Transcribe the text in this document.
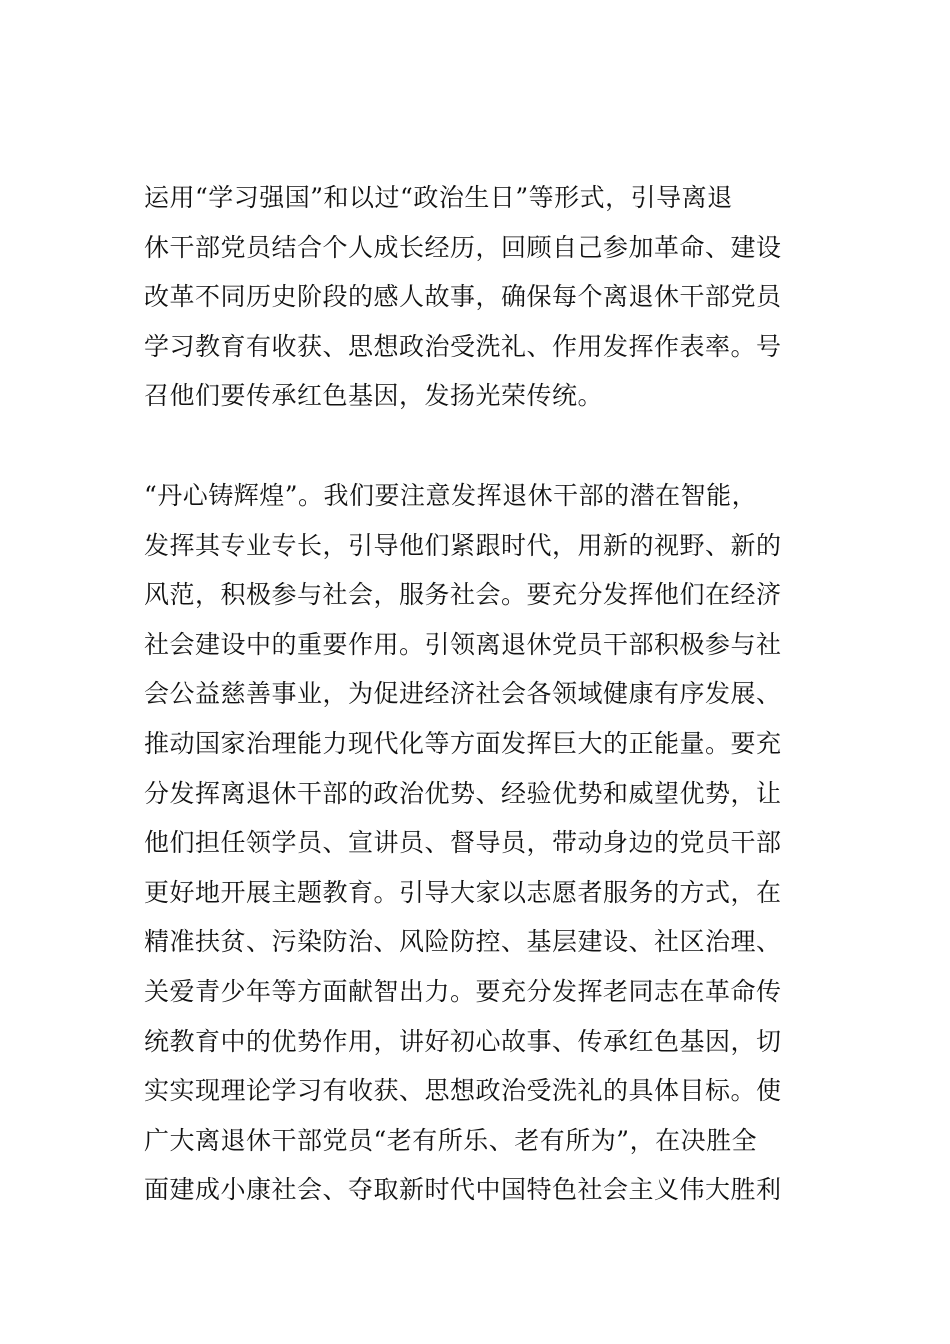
运用“学习强国”和以过“政治生日”等形式，引导离退
休干部党员结合个人成长经历，回顾自己参加革命、建设
改革不同历史阶段的感人故事，确保每个离退休干部党员
学习教育有收获、思想政治受洗礼、作用发挥作表率。号
召他们要传承红色基因，发扬光荣传统。

“丹心铸辉煌”。我们要注意发挥退休干部的潜在智能，
发挥其专业专长，引导他们紧跟时代，用新的视野、新的
风范，积极参与社会，服务社会。要充分发挥他们在经济
社会建设中的重要作用。引领离退休党员干部积极参与社
会公益慈善事业，为促进经济社会各领域健康有序发展、
推动国家治理能力现代化等方面发挥巨大的正能量。要充
分发挥离退休干部的政治优势、经验优势和威望优势，让
他们担任领学员、宣讲员、督导员，带动身边的党员干部
更好地开展主题教育。引导大家以志愿者服务的方式，在
精准扶贫、污染防治、风险防控、基层建设、社区治理、
关爱青少年等方面献智出力。要充分发挥老同志在革命传
统教育中的优势作用，讲好初心故事、传承红色基因，切
实实现理论学习有收获、思想政治受洗礼的具体目标。使
广大离退休干部党员“老有所乐、老有所为”，在决胜全
面建成小康社会、夺取新时代中国特色社会主义伟大胜利
